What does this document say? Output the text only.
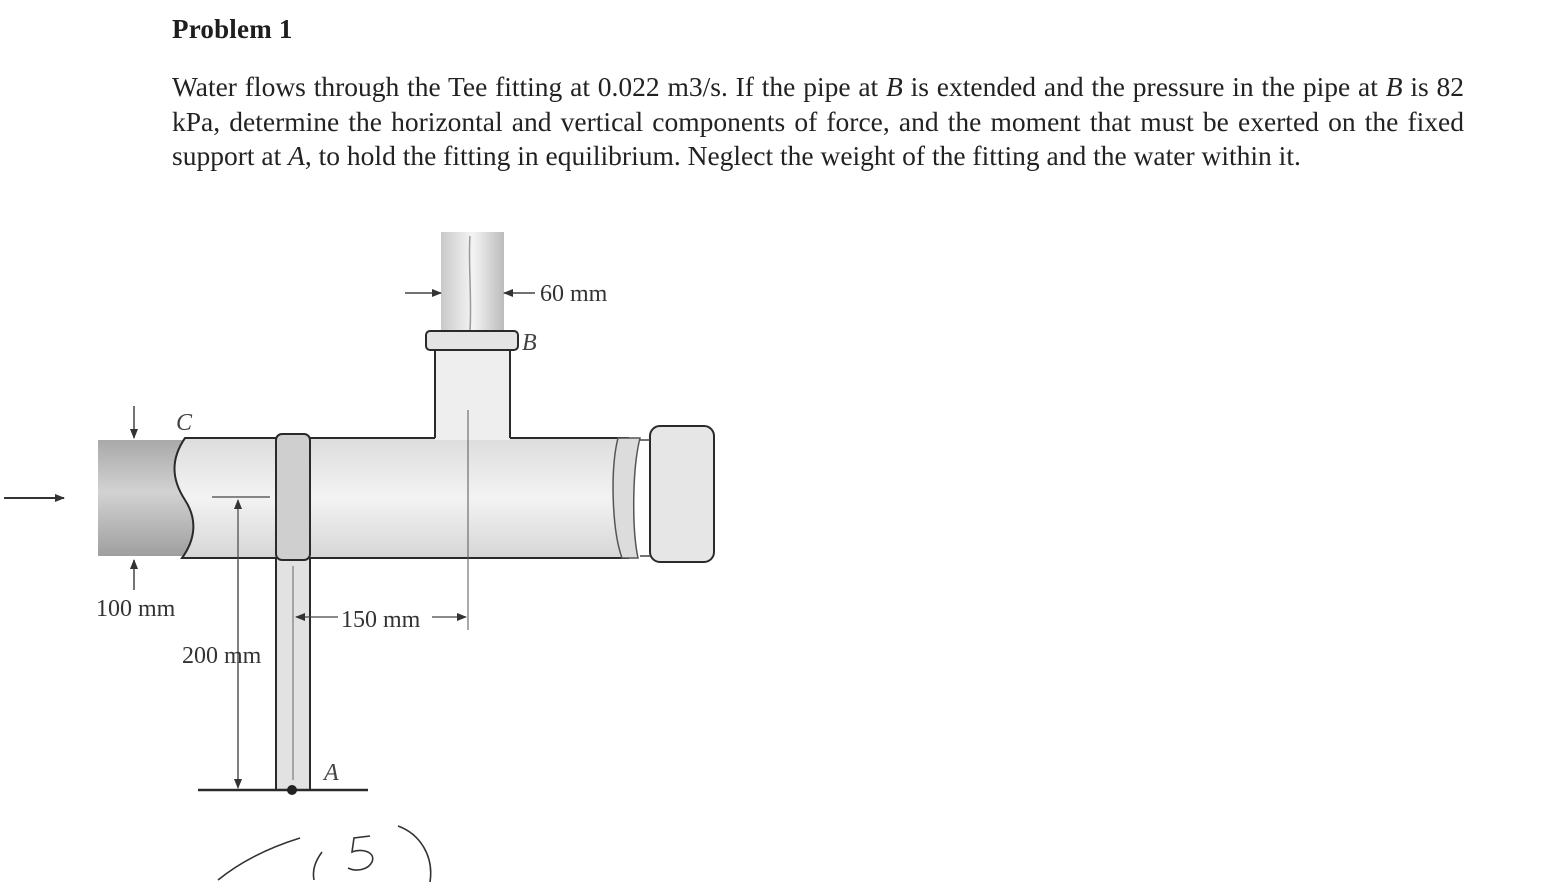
Problem 1
Water flows through the Tee fitting at 0.022 m3/s. If the pipe at B is extended and the pressure in the pipe at B is 82 kPa, determine the horizontal and vertical components of force, and the moment that must be exerted on the fixed support at A, to hold the fitting in equilibrium. Neglect the weight of the fitting and the water within it.
60 mm
B
C
100 mm	150 mm
200 mm
A
15
